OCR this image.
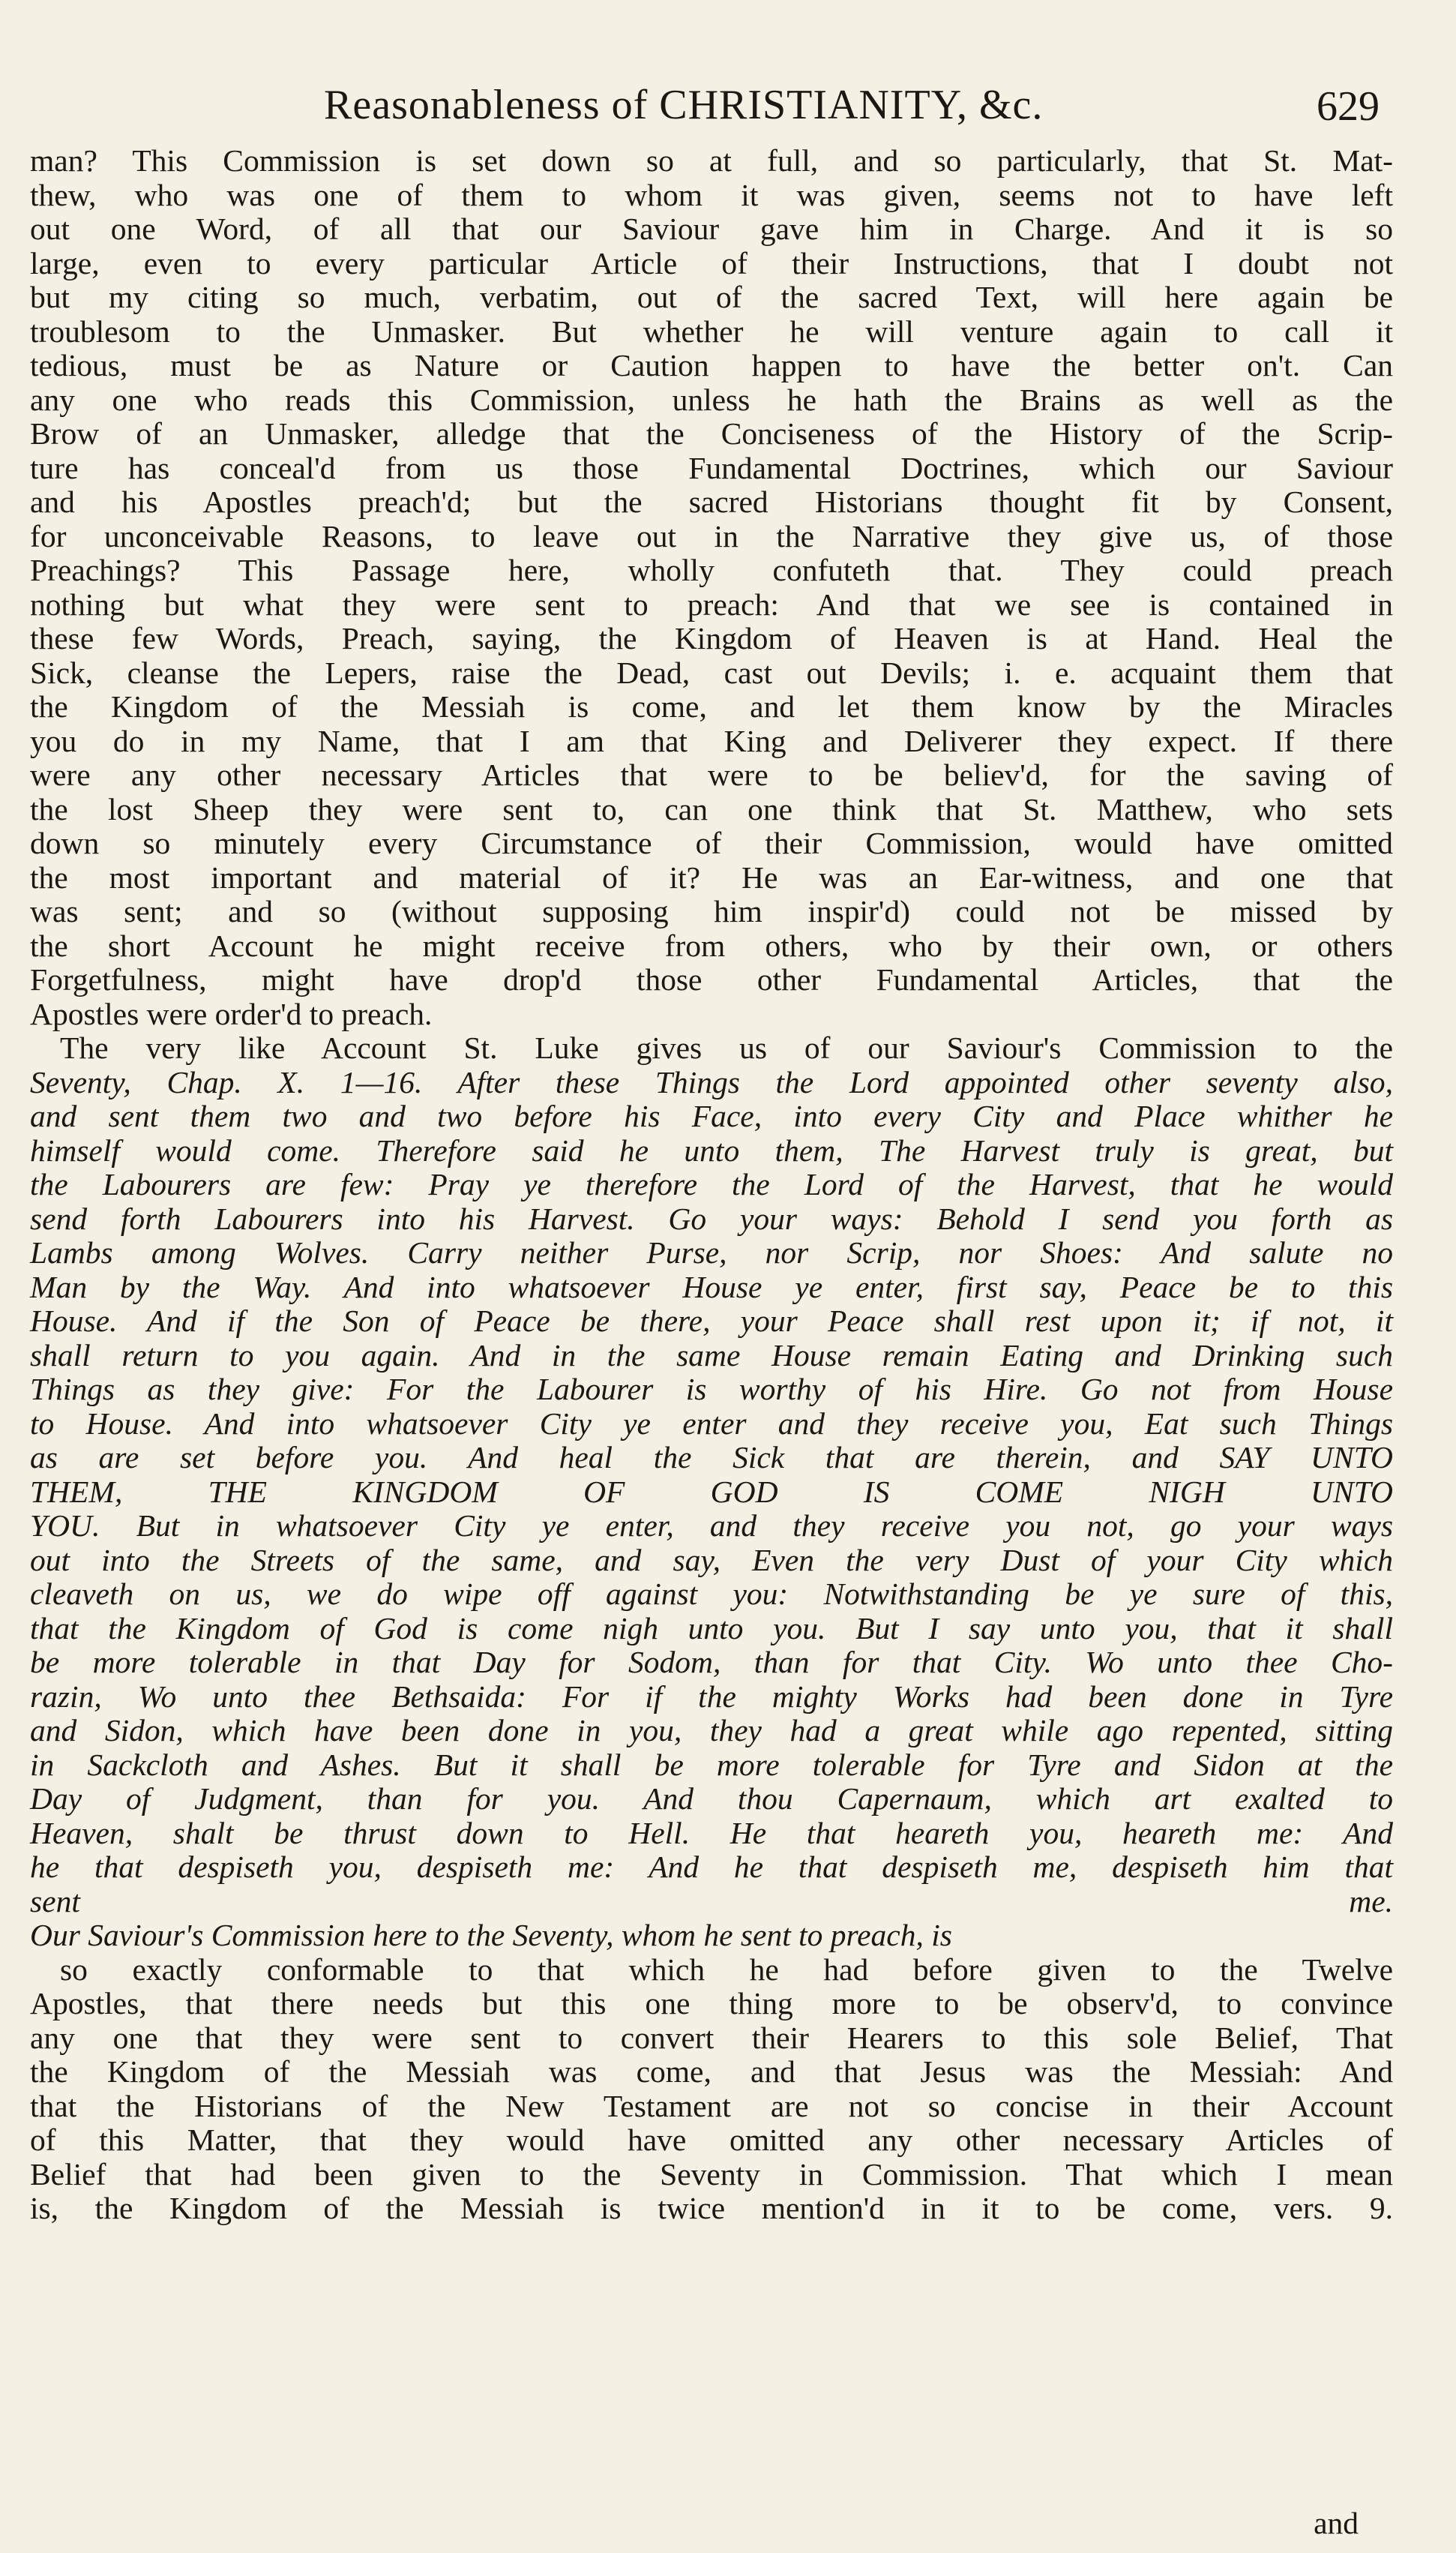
Reasonableness of CHRISTIANITY, &c.	629

man? This Commission is set down so at full, and so particularly, that St. Mat-

thew, who was one of them to whom it was given, seems not to have left

out one Word, of all that our Saviour gave him in Charge. And it is so

large, even to every particular Article of their Instructions, that I doubt not

but my citing so much, verbatim, out of the sacred Text, will here again be

troublesom to the Unmasker. But whether he will venture again to call it

tedious, must be as Nature or Caution happen to have the better on't. Can

any one who reads this Commission, unless he hath the Brains as well as the

Brow of an Unmasker, alledge that the Conciseness of the History of the Scrip-

ture has conceal'd from us those Fundamental Doctrines, which our Saviour

and his Apostles preach'd; but the sacred Historians thought fit by Consent,

for unconceivable Reasons, to leave out in the Narrative they give us, of those

Preachings? This Passage here, wholly confuteth that. They could preach

nothing but what they were sent to preach: And that we see is contained in

these few Words, Preach, saying, the Kingdom of Heaven is at Hand. Heal the

Sick, cleanse the Lepers, raise the Dead, cast out Devils; i. e. acquaint them that

the Kingdom of the Messiah is come, and let them know by the Miracles

you do in my Name, that I am that King and Deliverer they expect. If there

were any other necessary Articles that were to be believ'd, for the saving of

the lost Sheep they were sent to, can one think that St. Matthew, who sets

down so minutely every Circumstance of their Commission, would have omitted

the most important and material of it? He was an Ear-witness, and one that

was sent; and so (without supposing him inspir'd) could not be missed by

the short Account he might receive from others, who by their own, or others

Forgetfulness, might have drop'd those other Fundamental Articles, that the

Apostles were order'd to preach.

The very like Account St. Luke gives us of our Saviour's Commission to the

Seventy, Chap. X. 1—16. After these Things the Lord appointed other seventy also,

and sent them two and two before his Face, into every City and Place whither he

himself would come. Therefore said he unto them, The Harvest truly is great, but

the Labourers are few: Pray ye therefore the Lord of the Harvest, that he would

send forth Labourers into his Harvest. Go your ways: Behold I send you forth as

Lambs among Wolves. Carry neither Purse, nor Scrip, nor Shoes: And salute no

Man by the Way. And into whatsoever House ye enter, first say, Peace be to this

House. And if the Son of Peace be there, your Peace shall rest upon it; if not, it

shall return to you again. And in the same House remain Eating and Drinking such

Things as they give: For the Labourer is worthy of his Hire. Go not from House

to House. And into whatsoever City ye enter and they receive you, Eat such Things

as are set before you. And heal the Sick that are therein, and SAY UNTO

THEM, THE KINGDOM OF GOD IS COME NIGH UNTO

YOU. But in whatsoever City ye enter, and they receive you not, go your ways

out into the Streets of the same, and say, Even the very Dust of your City which

cleaveth on us, we do wipe off against you: Notwithstanding be ye sure of this,

that the Kingdom of God is come nigh unto you. But I say unto you, that it shall

be more tolerable in that Day for Sodom, than for that City. Wo unto thee Cho-

razin, Wo unto thee Bethsaida: For if the mighty Works had been done in Tyre

and Sidon, which have been done in you, they had a great while ago repented, sitting

in Sackcloth and Ashes. But it shall be more tolerable for Tyre and Sidon at the

Day of Judgment, than for you. And thou Capernaum, which art exalted to

Heaven, shalt be thrust down to Hell. He that heareth you, heareth me: And

he that despiseth you, despiseth me: And he that despiseth me, despiseth him that

sent me.

Our Saviour's Commission here to the Seventy, whom he sent to preach, is

so exactly conformable to that which he had before given to the Twelve

Apostles, that there needs but this one thing more to be observ'd, to convince

any one that they were sent to convert their Hearers to this sole Belief, That

the Kingdom of the Messiah was come, and that Jesus was the Messiah: And

that the Historians of the New Testament are not so concise in their Account

of this Matter, that they would have omitted any other necessary Articles of

Belief that had been given to the Seventy in Commission. That which I mean

is, the Kingdom of the Messiah is twice mention'd in it to be come, vers. 9.

and
